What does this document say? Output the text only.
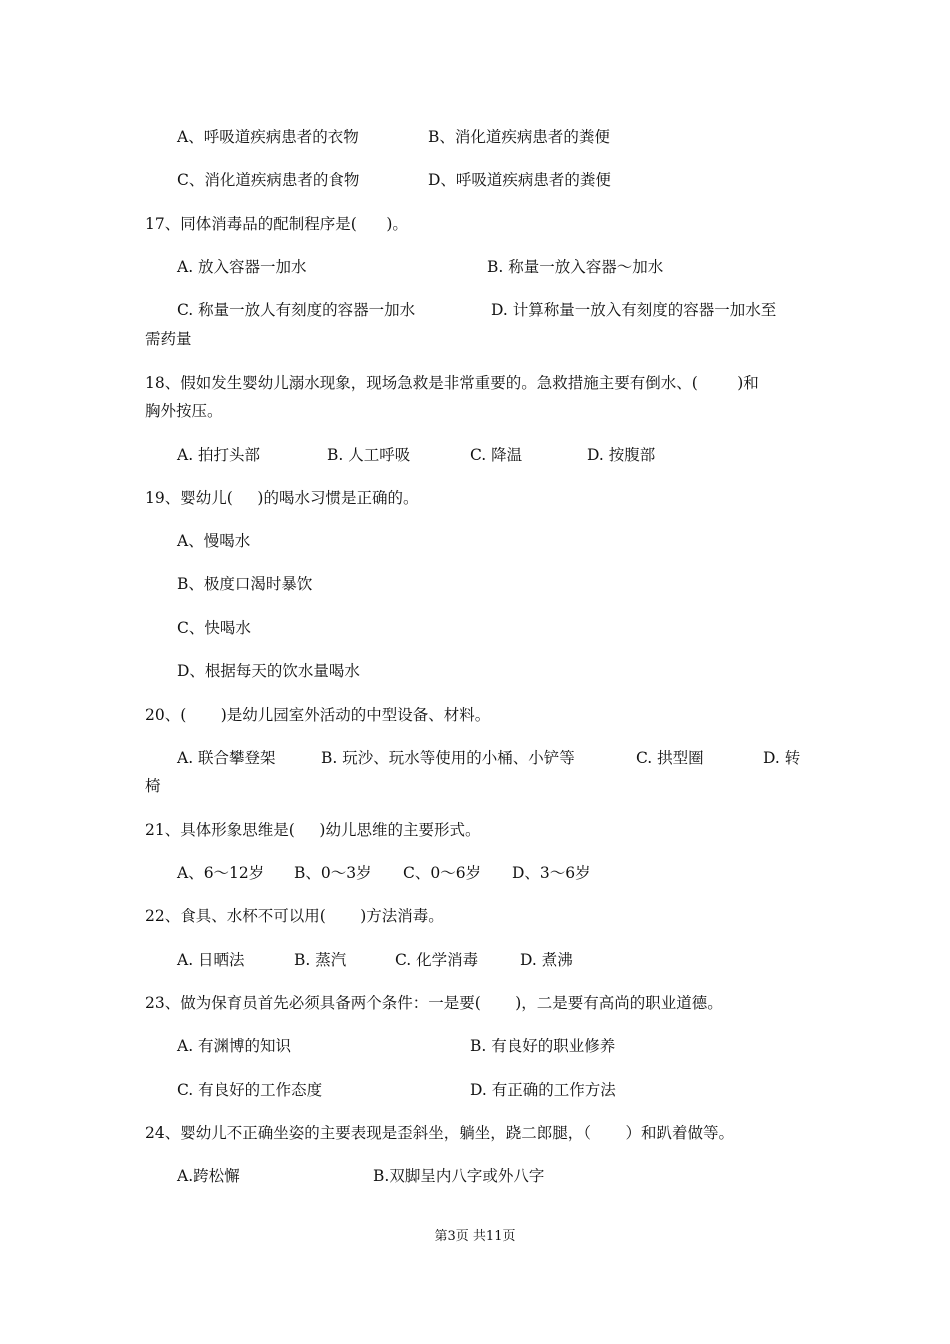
A、呼吸道疾病患者的衣物	B、消化道疾病患者的粪便
C、消化道疾病患者的食物	D、呼吸道疾病患者的粪便
17、同体消毒品的配制程序是(      )。
A. 放入容器一加水	B. 称量一放入容器～加水
C. 称量一放人有刻度的容器一加水	D. 计算称量一放入有刻度的容器一加水至
需药量
18、假如发生婴幼儿溺水现象，现场急救是非常重要的。急救措施主要有倒水、(        )和
胸外按压。
A. 拍打头部	B. 人工呼吸	C. 降温	D. 按腹部
19、婴幼儿(     )的喝水习惯是正确的。
A、慢喝水
B、极度口渴时暴饮
C、快喝水
D、根据每天的饮水量喝水
20、(       )是幼儿园室外活动的中型设备、材料。
A. 联合攀登架	B. 玩沙、玩水等使用的小桶、小铲等	C. 拱型圈	D. 转
椅
21、具体形象思维是(     )幼儿思维的主要形式。
A、6～12岁 B、0～3岁 C、0～6岁 D、3～6岁
22、食具、水杯不可以用(       )方法消毒。
A. 日晒法	B. 蒸汽	C. 化学消毒	D. 煮沸
23、做为保育员首先必须具备两个条件：一是要(       )，二是要有高尚的职业道德。
A. 有渊博的知识	B. 有良好的职业修养
C. 有良好的工作态度	D. 有正确的工作方法
24、婴幼儿不正确坐姿的主要表现是歪斜坐，躺坐，跷二郎腿，（       ）和趴着做等。
A.跨松懈	B.双脚呈内八字或外八字
第3页 共11页
